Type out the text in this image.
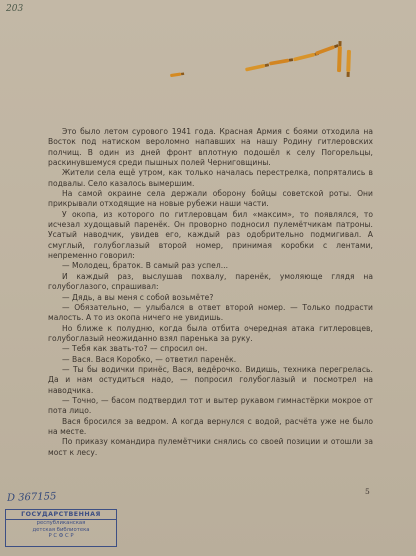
203

Это было летом сурового 1941 года. Красная Армия с боями отходила на Восток под натиском вероломно напавших на нашу Родину гитлеровских полчищ. В один из дней фронт вплотную подошёл к селу Погорельцы, раскинувшемуся среди пышных полей Черниговщины.

Жители села ещё утром, как только началась перестрелка, попрятались в подвалы. Село казалось вымершим.

На самой окраине села держали оборону бойцы советской роты. Они прикрывали отходящие на новые рубежи наши части.

У окопа, из которого по гитлеровцам бил «максим», то появлялся, то исчезал худощавый паренёк. Он проворно подносил пулемётчикам патроны. Усатый наводчик, увидев его, каждый раз одобрительно подмигивал. А смуглый, голубоглазый второй номер, принимая коробки с лентами, непременно говорил:

— Молодец, браток. В самый раз успел...

И каждый раз, выслушав похвалу, паренёк, умоляюще глядя на голубоглазого, спрашивал:

— Дядь, а вы меня с собой возьмёте?

— Обязательно, — улыбался в ответ второй номер. — Только подрасти малость. А то из окопа ничего не увидишь.

Но ближе к полудню, когда была отбита очередная атака гитлеровцев, голубоглазый неожиданно взял паренька за руку.

— Тебя как звать-то? — спросил он.

— Вася. Вася Коробко, — ответил паренёк.

— Ты бы водички принёс, Вася, ведёрочко. Видишь, техника перегрелась. Да и нам остудиться надо, — попросил голубоглазый и посмотрел на наводчика.

— Точно, — басом подтвердил тот и вытер рукавом гимнастёрки мокрое от пота лицо.

Вася бросился за ведром. А когда вернулся с водой, расчёта уже не было на месте.

По приказу командира пулемётчики снялись со своей позиции и отошли за мост к лесу.

5
D 367155
ГОСУДАРСТВЕННАЯ
республиканская
детская библиотека
Р С Ф С Р
